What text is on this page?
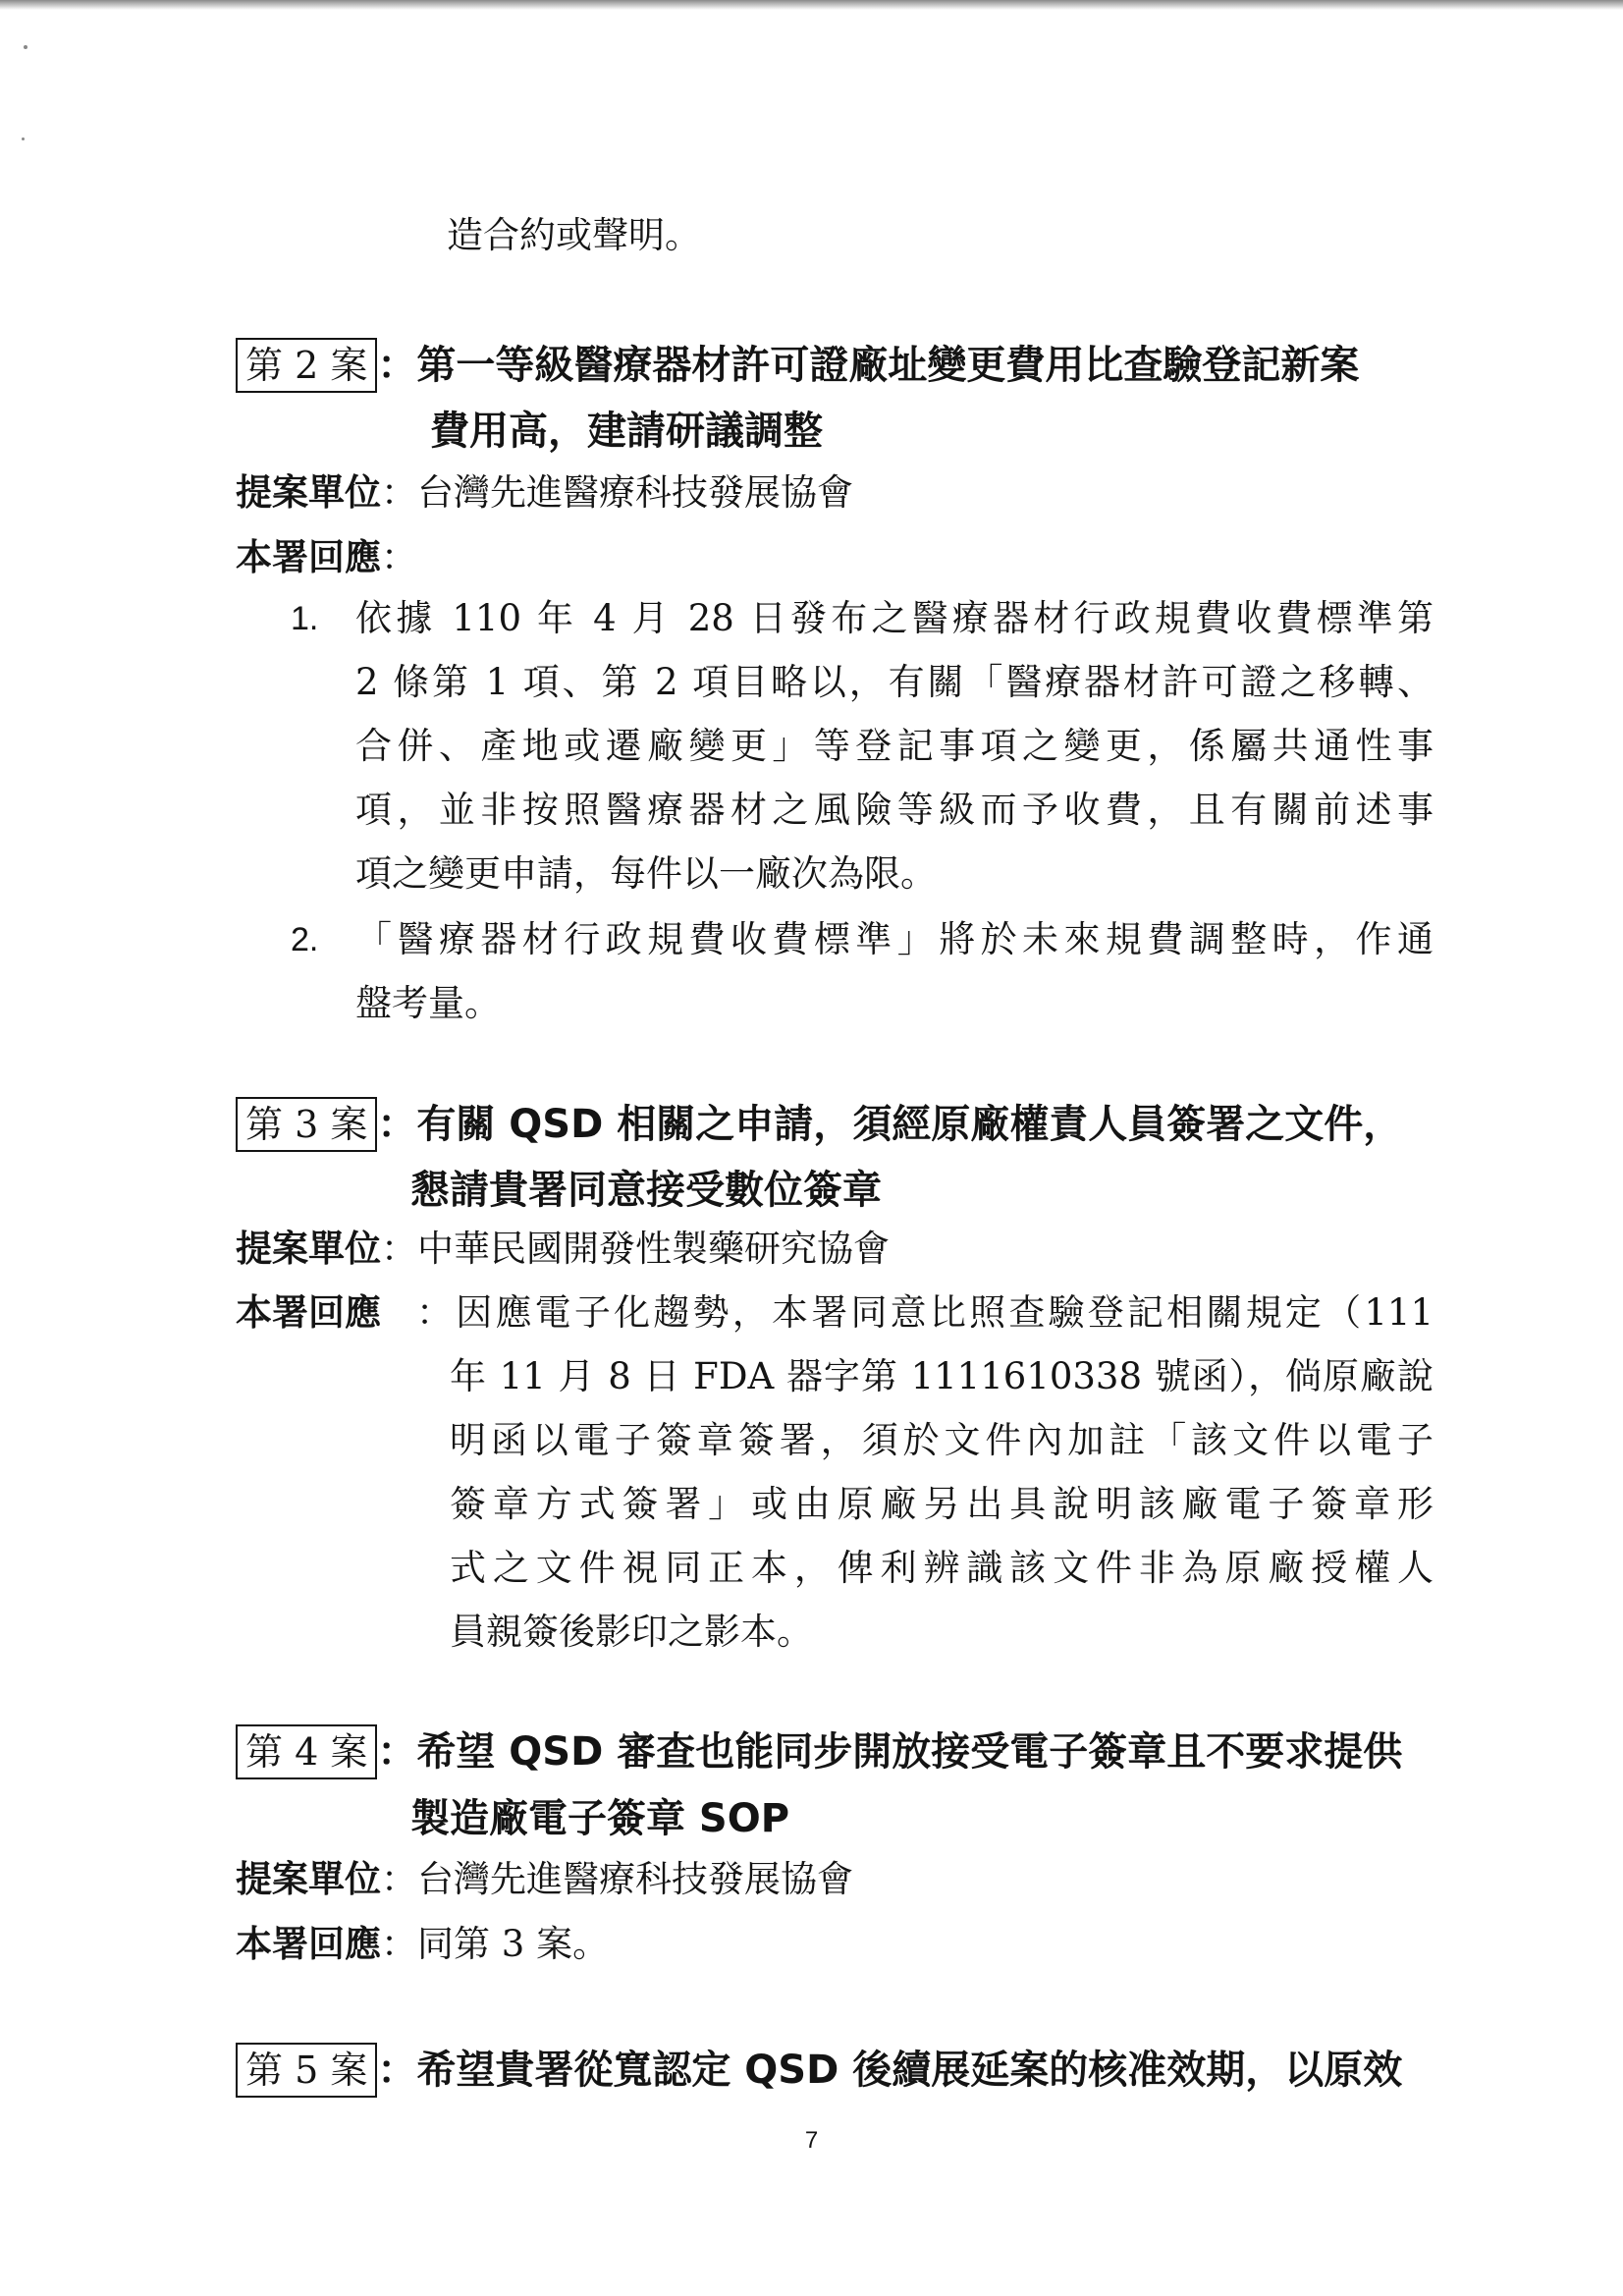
造合約或聲明。
第 2 案 ：第一等級醫療器材許可證廠址變更費用比查驗登記新案
費用高，建請研議調整
提案單位：台灣先進醫療科技發展協會
本署回應：
1. 依據 110 年 4 月 28 日發布之醫療器材行政規費收費標準第
2 條第 1 項、第 2 項目略以，有關「醫療器材許可證之移轉、
合併、產地或遷廠變更」等登記事項之變更，係屬共通性事
項，並非按照醫療器材之風險等級而予收費，且有關前述事
項之變更申請，每件以一廠次為限。
2. 「醫療器材行政規費收費標準」將於未來規費調整時，作通
盤考量。
第 3 案 ：有關 QSD 相關之申請，須經原廠權責人員簽署之文件，
懇請貴署同意接受數位簽章
提案單位：中華民國開發性製藥研究協會
本署回應 ：因應電子化趨勢，本署同意比照查驗登記相關規定（111
年 11 月 8 日 FDA 器字第 1111610338 號函），倘原廠說
明函以電子簽章簽署，須於文件內加註「該文件以電子
簽章方式簽署」或由原廠另出具說明該廠電子簽章形
式之文件視同正本，俾利辨識該文件非為原廠授權人
員親簽後影印之影本。
第 4 案 ：希望 QSD 審查也能同步開放接受電子簽章且不要求提供
製造廠電子簽章 SOP
提案單位：台灣先進醫療科技發展協會
本署回應：同第 3 案。
第 5 案 ：希望貴署從寬認定 QSD 後續展延案的核准效期，以原效
7
